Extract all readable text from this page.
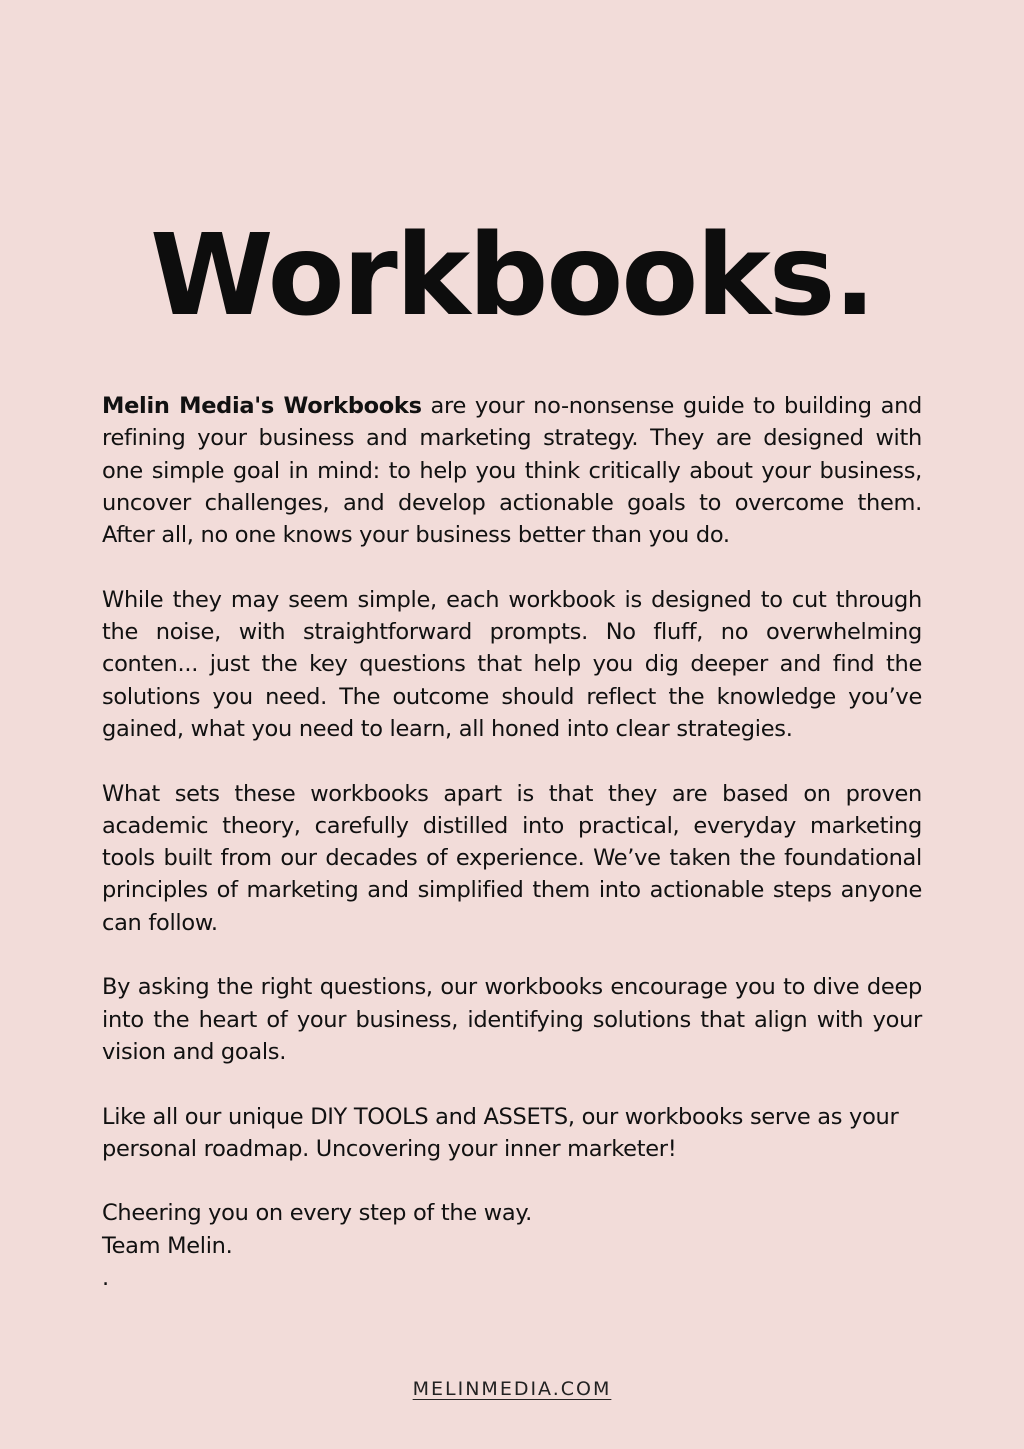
Workbooks.

Melin Media's Workbooks are your no-nonsense guide to building and refining your business and marketing strategy. They are designed with one simple goal in mind: to help you think critically about your business, uncover challenges, and develop actionable goals to overcome them. After all, no one knows your business better than you do.

While they may seem simple, each workbook is designed to cut through the noise, with straightforward prompts. No fluff, no overwhelming conten... just the key questions that help you dig deeper and find the solutions you need. The outcome should reflect the knowledge you’ve gained, what you need to learn, all honed into clear strategies.

What sets these workbooks apart is that they are based on proven academic theory, carefully distilled into practical, everyday marketing tools built from our decades of experience. We’ve taken the foundational principles of marketing and simplified them into actionable steps anyone can follow.

By asking the right questions, our workbooks encourage you to dive deep into the heart of your business, identifying solutions that align with your vision and goals.

Like all our unique DIY TOOLS and ASSETS, our workbooks serve as your personal roadmap. Uncovering your inner marketer!

Cheering you on every step of the way.

Team Melin.

.

MELINMEDIA.COM
